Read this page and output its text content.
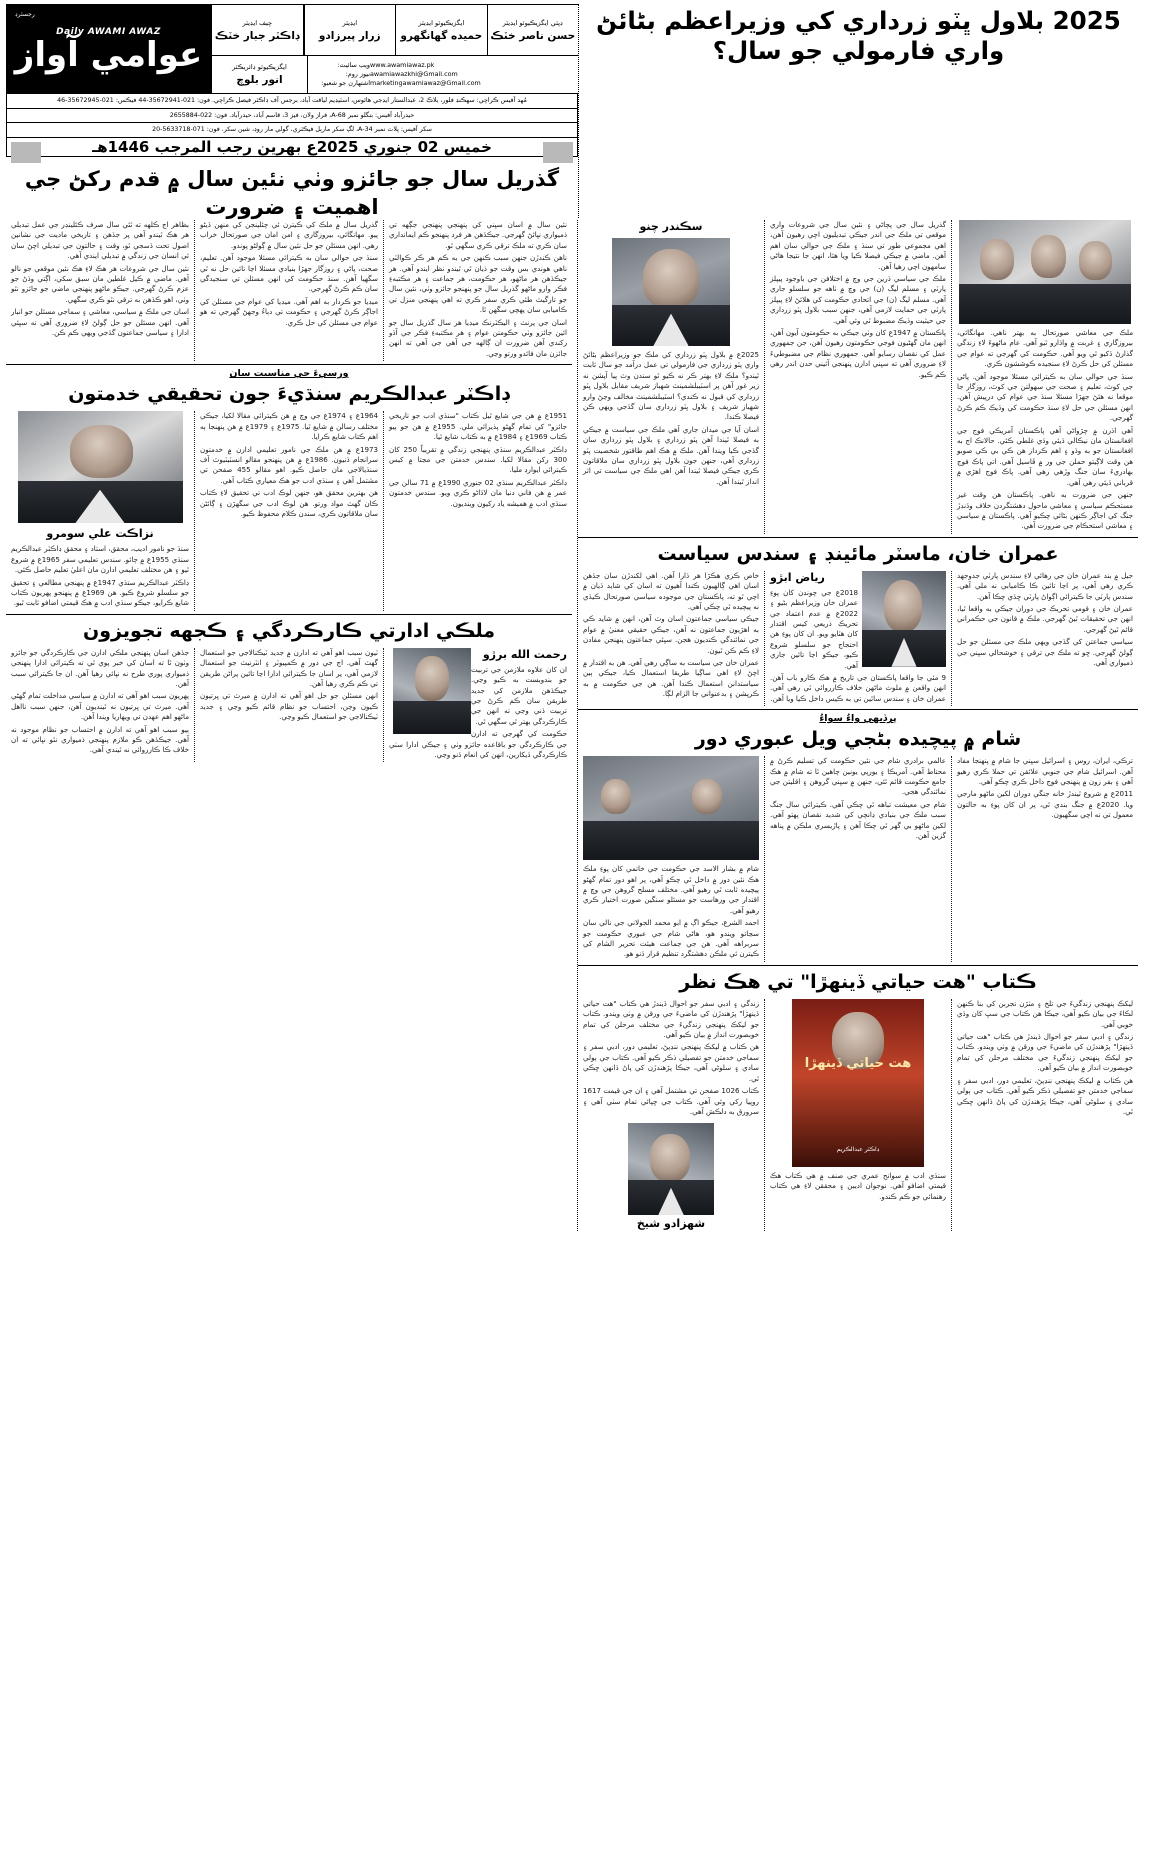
رجسٽرڊ
Daily AWAMI AWAZ
عوامي آواز
چيف ايڊيٽر
ڊاڪٽر جبار خٽڪ
ايڊيٽر
زرار پيرزادو
ايگزيڪيوٽو ايڊيٽر
حميده گهانگهرو
ڊپٽي ايگزيڪيوٽو ايڊيٽر
حسن ناصر خٽڪ
ايگزيڪيوٽو ڊائريڪٽر
انور بلوچ
ويب سائيٽ: www.awamiawaz.pk
نيوز روم: awamiawazkhi@Gmail.com
اشتهارن جو شعبو: marketingawamiawaz@Gmail.com
مُهد آفيس ڪراچي: سهڪنڊ فلور، بلاڪ 2، عبدالستار ايڊجي هائوس، اسٽيڊيم لياقت آباد، برجس آف ڊاڪٽر فيصل ڪراچي. فون: 021-35672941-44 فيڪس: 021-35672945-46
حيدرآباد آفيس: بنگلو نمبر 68-A، فراز ولان، فيز 3، قاسم آباد، حيدرآباد. فون: 022-2655884
سکر آفيس: پلاٽ نمبر 34-A، لڳ سکر مارٻل فيڪٽري، گولي مار روڊ، شين سکر. فون: 071-5633718-20
خميس 02 جنوري 2025ع بهرين رجب المرجب 1446هـ
گذريل سال جو جائزو وٺي نئين سال ۾ قدم رکڻ جي اهميت ۽ ضرورت
2025 بلاول ڀٽو زرداري کي وزيراعظم بڻائڻ واري فارمولي جو سال؟

بظاهر اڄ ڪلهه ته ٿئي سال صرف ڪئلينڊر جي عمل تبديلي هر هڪ ٿيندو آهي پر جڏهن ۽ تاريخي ماديت جي نشانين اصول تحت ڏسجي ٿو، وقت ۽ حالتون جي تبديلي اچڻ سان ئي انسان جي زندگي ۾ تبديلي ايندي آهي.

نئين سال جي شروعات هر هڪ لاءِ هڪ نئين موقعي جو نالو آهي. ماضي ۾ ڪيل غلطين مان سبق سکي، اڳتي وڌڻ جو عزم ڪرڻ گهرجي. جيڪو ماڻهو پنهنجي ماضي جو جائزو نٿو وٺي، اهو ڪڏهن به ترقي نٿو ڪري سگهي.

اسان جي ملڪ ۾ سياسي، معاشي ۽ سماجي مسئلن جو انبار آهي. انهن مسئلن جو حل ڳولڻ لاءِ ضروري آهي ته سڀئي ادارا ۽ سياسي جماعتون گڏجي ويهي ڪم ڪن.

گذريل سال ۾ ملڪ کي ڪيترن ئي چئلينجن کي منهن ڏيڻو پيو. مهانگائي، بيروزگاري ۽ امن امان جي صورتحال خراب رهي. انهن مسئلن جو حل نئين سال ۾ ڳولڻو پوندو.

سنڌ جي حوالي سان به ڪيترائي مسئلا موجود آهن. تعليم، صحت، پاڻي ۽ روزگار جهڙا بنيادي مسئلا اڃا تائين حل نه ٿي سگهيا آهن. سنڌ حڪومت کي انهن مسئلن تي سنجيدگي سان ڪم ڪرڻ گهرجي.

ميڊيا جو ڪردار به اهم آهي. ميڊيا کي عوام جي مسئلن کي اجاڳر ڪرڻ گهرجي ۽ حڪومت تي دٻاءُ وجهڻ گهرجي ته هو عوام جي مسئلن کي حل ڪري.

نئين سال ۾ اسان سڀني کي پنهنجي پنهنجي جڳهه تي ذميواري نڀائڻ گهرجي. جيڪڏهن هر فرد پنهنجو ڪم ايمانداري سان ڪري ته ملڪ ترقي ڪري سگهي ٿو.

ناهن ڪندڙن جنهن سبب ڪنهن جي به ڪم هر ڪر ڪوالٽي ناهي هوندي بس وقت جو ذيان ٿي ٿيندو نظر ايندو آهي. هر جيڪڏهن هر ماڻهو، هر حڪومت، هر جماعت ۽ هر مڪتبهءِ فڪر وارو ماڻهو گذريل سال جو پنهنجو جائزو وٺي، نئين سال جو تارگيٽ طئي ڪري سفر ڪري ته اهي پنهنجي منزل تي ڪاميابي سان پهچي سگهن ٿا.

اسان جي پرنٽ ۽ اليڪٽرنڪ ميڊيا هر سال گذريل سال جو ائين جائزو وٺي حڪومتن عوام ۽ هر مڪتبهءِ فڪر جي آڏو رکندي آهن ضرورت ان ڳالهه جي آهي جي آهي ته انهن جائزن مان فائدو ورتو وڃي.

ورسيءَ جي مناسبت سان
ڊاڪٽر عبدالڪريم سنڌيءَ جون تحقيقي خدمتون
نزاڪت علي سومرو

سنڌ جو نامور اديب، محقق، استاد ۽ محقق ڊاڪٽر عبدالڪريم سنڌي 1955ع ۾ ڄائو. سندس تعليمي سفر 1965ع ۾ شروع ٿيو ۽ هن مختلف تعليمي ادارن مان اعليٰ تعليم حاصل ڪئي.

ڊاڪٽر عبدالڪريم سنڌي 1947ع ۾ پنهنجي مطالعي ۽ تحقيق جو سلسلو شروع ڪيو. هن 1969ع ۾ پنهنجو پهريون ڪتاب شايع ڪرايو، جيڪو سنڌي ادب ۾ هڪ قيمتي اضافو ثابت ٿيو.

1964ع ۽ 1974ع جي وچ ۾ هن ڪيترائي مقالا لکيا، جيڪي مختلف رسالن ۾ شايع ٿيا. 1975ع ۽ 1979ع ۾ هن پنهنجا ٻه اهم ڪتاب شايع ڪرايا.

1973ع ۾ هن ملڪ جي نامور تعليمي ادارن ۾ خدمتون سرانجام ڏنيون. 1986ع ۾ هن پنهنجو مقالو انسٽيٽيوٽ آف سنڌيالاجي مان حاصل ڪيو. اهو مقالو 455 صفحن تي مشتمل آهي ۽ سنڌي ادب جو هڪ معياري ڪتاب آهي.

هن بهترين محقق هو، جنهن لوڪ ادب تي تحقيق لاءِ ڪتاب ڪان گهٽ مواد ورتو. هن لوڪ ادب جي سگهڙن ۽ ڳائڻن سان ملاقاتون ڪري، سندن ڪلام محفوظ ڪيو.

1951ع ۾ هن جي شايع ٿيل ڪتاب "سنڌي ادب جو تاريخي جائزو" کي تمام گهڻو پذيرائي ملي. 1955ع ۾ هن جو ٻيو ڪتاب 1969ع ۽ 1984ع ۾ به ڪتاب شايع ٿيا.

ڊاڪٽر عبدالڪريم سنڌي پنهنجي زندگي ۾ تقريباً 250 کان 300 رکن مقالا لکيا. سندس خدمتن جي مڃتا ۾ کيس ڪيترائي ايوارڊ مليا.

ڊاڪٽر عبدالڪريم سنڌي 02 جنوري 1990ع ۾ 71 سالن جي عمر ۾ هن فاني دنيا مان لاڏاڻو ڪري ويو. سندس خدمتون سنڌي ادب ۾ هميشه ياد رکيون وينديون.

ملڪي ادارتي ڪارڪردگي ۽ ڪجهه تجويزون

جڏهن اسان پنهنجي ملڪي ادارن جي ڪارڪردگي جو جائزو وٺون ٿا ته اسان کي خبر پوي ٿي ته ڪيترائي ادارا پنهنجي ذميواري پوري طرح نه نڀائي رهيا آهن. ان جا ڪيترائي سبب آهن.

پهريون سبب اهو آهي ته ادارن ۾ سياسي مداخلت تمام گهڻي آهي. ميرٽ تي ڀرتيون نه ٿينديون آهن، جنهن سبب نااهل ماڻهو اهم عهدن تي ويهاريا ويندا آهن.

ٻيو سبب اهو آهي ته ادارن ۾ احتساب جو نظام موجود نه آهي. جيڪڏهن ڪو ملازم پنهنجي ذميواري نٿو نڀائي ته ان خلاف ڪا ڪارروائي نه ٿيندي آهي.

ٽيون سبب اهو آهي ته ادارن ۾ جديد ٽيڪنالاجي جو استعمال گهٽ آهي. اڄ جي دور ۾ ڪمپيوٽر ۽ انٽرنيٽ جو استعمال لازمي آهي، پر اسان جا ڪيترائي ادارا اڃا تائين پراڻن طريقن تي ڪم ڪري رهيا آهن.

انهن مسئلن جو حل اهو آهي ته ادارن ۾ ميرٽ تي ڀرتيون ڪيون وڃن، احتساب جو نظام قائم ڪيو وڃي ۽ جديد ٽيڪنالاجي جو استعمال ڪيو وڃي.

رحمت الله برڙو

ان کان علاوه ملازمن جي تربيت جو بندوبست به ڪيو وڃي. جيڪڏهن ملازمن کي جديد طريقن سان ڪم ڪرڻ جي تربيت ڏني وڃي ته انهن جي ڪارڪردگي بهتر ٿي سگهي ٿي.

حڪومت کي گهرجي ته ادارن جي ڪارڪردگي جو باقاعده جائزو وٺي ۽ جيڪي ادارا سٺي ڪارڪردگي ڏيکارين، انهن کي انعام ڏنو وڃي.

سڪندر چنو

2025ع ۾ بلاول ڀٽو زرداري کي ملڪ جو وزيراعظم بڻائڻ واري پٽو زرداري جي فارمولي تي عمل درآمد جو سال ثابت ٿيندو؟ ملڪ لاءِ بهتر ڪر نه ڪيو ٿو سندن وٽ پيا آپشن نه زير غور آهن پر اسٽيبلشمينٽ شهباز شريف مقابل بلاول ڀٽو زرداري کي قبول نه ڪندي؟ اسٽيبلشمينٽ مخالف وڃڻ وارو شهباز شريف ۽ بلاول ڀٽو زرداري سان گڏجي ويهي ڪن فيصلا ڪندا.

اسان آيا جي ميدان جاري آهي ملڪ جي سياست ۾ جيڪي به فيصلا ٿيندا آهن پٽو زرداري ۽ بلاول ڀٽو زرداري سان گڏجي ڪيا ويندا آهن. ملڪ ۾ هڪ اهم طاقتور شخصيت پٽو زرداري آهي، جنهن جون بلاول ڀٽو زرداري سان ملاقاتون ڪري جيڪي فيصلا ٿيندا آهن اهي ملڪ جي سياست تي اثر انداز ٿيندا آهن.

گذريل سال جي پڄاڻي ۽ نئين سال جي شروعات واري موقعي تي ملڪ جي اندر جيڪي تبديليون اچي رهيون آهن، اهي مجموعي طور تي سنڌ ۽ ملڪ جي حوالي سان اهم آهن. ماضي ۾ جيڪي فيصلا ڪيا ويا هئا، انهن جا نتيجا هاڻي سامهون اچي رهيا آهن.

ملڪ جي سياسي ڌرين جي وچ ۾ اختلافن جي باوجود پيپلز پارٽي ۽ مسلم ليگ (ن) جي وچ ۾ ٺاهه جو سلسلو جاري آهي. مسلم ليگ (ن) جي اتحادي حڪومت کي هلائڻ لاءِ پيپلز پارٽي جي حمايت لازمي آهي، جنهن سبب بلاول ڀٽو زرداري جي حيثيت وڌيڪ مضبوط ٿي وئي آهي.

پاڪستان ۾ 1947ع کان وٺي جيڪي به حڪومتون آيون آهن، انهن مان گهڻيون فوجي حڪومتون رهيون آهن، جن جمهوري عمل کي نقصان رسايو آهي. جمهوري نظام جي مضبوطيءَ لاءِ ضروري آهي ته سڀني ادارن پنهنجي آئيني حدن اندر رهي ڪم ڪيو.

ملڪ جي معاشي صورتحال به بهتر ناهي. مهانگائي، بيروزگاري ۽ غربت ۾ واڌارو ٿيو آهي. عام ماڻهوءَ لاءِ زندگي گذارڻ ڏکيو ٿي ويو آهي. حڪومت کي گهرجي ته عوام جي مسئلن کي حل ڪرڻ لاءِ سنجيده ڪوششون ڪري.

سنڌ جي حوالي سان به ڪيترائي مسئلا موجود آهن. پاڻي جي کوٽ، تعليم ۽ صحت جي سهولتن جي کوٽ، روزگار جا موقعا نه هئڻ جهڙا مسئلا سنڌ جي عوام کي درپيش آهن. انهن مسئلن جي حل لاءِ سنڌ حڪومت کي وڌيڪ ڪم ڪرڻ گهرجي.

آهي اڌرن ۾ چڙواڻي آهي پاڪستان آمريڪي فوج جي افغانستان مان نيڪالي ڏيئي وڏي غلطي ڪئي. حالانڪ اڄ به افغانستان جو به وڏو ۽ اهم ڪردار هن ڪي بي ڪي صوبو هن وقت لاڳيتو حملن جي ور ۾ ڦاسيل آهي. اتي پاڪ فوج بهادريءَ سان جنگ وڙهي رهي آهي. پاڪ فوج اهڙي ۾ قرباني ڏيئي رهي آهي.

جنهن جي ضرورت به ناهي. پاڪستان هن وقت غير مستحڪم سياسي ۽ معاشي ماحول دهشتگردن خلاف وڏنڊڙ جنگ کي اجاڳر ڪنهن بڻائي چڪيو آهي. پاڪستان ۾ سياسي ۽ معاشي استحڪام جي ضرورت آهي.

عمران خان، ماسٽر مائينڊ ۽ سندس سياست

خاص ڪري هڪڙا هر ڌارا آهن. اهي لکندڙن سان جڏهن اسان اهي ڳالهيون ڪندا آهيون ته اسان کي شايد ڌيان ۾ اچي ٿو ته، پاڪستان جي موجوده سياسي صورتحال ڪيڏي نه پيچيده ٿي چڪي آهي.

جيڪي سياسي جماعتون اسان وٽ آهن، انهن ۾ شايد ڪي به اهڙيون جماعتون نه آهن، جيڪي حقيقي معنيٰ ۾ عوام جي نمائندگي ڪنديون هجن. سڀئي جماعتون پنهنجن مفادن لاءِ ڪم ڪن ٿيون.

عمران خان جي سياست به ساڳي رهي آهي. هن به اقتدار ۾ اچڻ لاءِ اهي ساڳيا طريقا استعمال ڪيا، جيڪي ٻين سياستدانن استعمال ڪندا آهن. هن جي حڪومت ۾ به ڪرپشن ۽ بدعنواني جا الزام لڳا.

رياض ابڙو

2018ع جي چونڊن کان پوءِ عمران خان وزيراعظم بڻيو ۽ 2022ع ۾ عدم اعتماد جي تحريڪ ذريعي کيس اقتدار کان هٽايو ويو. ان کان پوءِ هن احتجاج جو سلسلو شروع ڪيو، جيڪو اڃا تائين جاري آهي.

9 مئي جا واقعا پاڪستان جي تاريخ ۾ هڪ ڪارو باب آهن. انهن واقعن ۾ ملوث ماڻهن خلاف ڪارروائي ٿي رهي آهي. عمران خان ۽ سندس ساٿين تي به ڪيس داخل ڪيا ويا آهن.

جيل ۾ بند عمران خان جي رهائي لاءِ سندس پارٽي جدوجهد ڪري رهي آهي، پر اڃا تائين ڪا ڪاميابي نه ملي آهي. سندس پارٽي جا ڪيترائي اڳواڻ پارٽي ڇڏي چڪا آهن.

عمران خان ۽ قومي تحريڪ جي دوران جيڪي به واقعا ٿيا، انهن جي تحقيقات ٿيڻ گهرجي. ملڪ ۾ قانون جي حڪمراني قائم ٿيڻ گهرجي.

سياسي جماعتن کي گڏجي ويهي ملڪ جي مسئلن جو حل ڳولڻ گهرجي. ڇو ته ملڪ جي ترقي ۽ خوشحالي سڀني جي ذميواري آهي.

پرڏيهي واءُ سواءُ
شام ۾ پيچيده بڻجي ويل عبوري دور

شام ۾ بشار الاسد جي حڪومت جي خاتمي کان پوءِ ملڪ هڪ نئين دور ۾ داخل ٿي چڪو آهي، پر اهو دور تمام گهڻو پيچيده ثابت ٿي رهيو آهي. مختلف مسلح گروهن جي وچ ۾ اقتدار جي ورهاست جو مسئلو سنگين صورت اختيار ڪري رهيو آهي.

احمد الشرع، جيڪو اڳ ۾ ابو محمد الجولاني جي نالي سان سڃاتو ويندو هو، هاڻي شام جي عبوري حڪومت جو سربراهه آهي. هن جي جماعت هيئت تحرير الشام کي ڪيترن ئي ملڪن دهشتگرد تنظيم قرار ڏنو هو.

عالمي برادري شام جي نئين حڪومت کي تسليم ڪرڻ ۾ محتاط آهي. آمريڪا ۽ يورپي يونين چاهين ٿا ته شام ۾ هڪ جامع حڪومت قائم ٿئي، جنهن ۾ سڀني گروهن ۽ اقليتن جي نمائندگي هجي.

شام جي معيشت تباهه ٿي چڪي آهي. ڪيترائي سال جنگ سبب ملڪ جي بنيادي ڍانچي کي شديد نقصان پهتو آهي. لکين ماڻهو بي گهر ٿي چڪا آهن ۽ پاڙيسري ملڪن ۾ پناهه گزين آهن.

ترڪي، ايران، روس ۽ اسرائيل سڀني جا شام ۾ پنهنجا مفاد آهن. اسرائيل شام جي جنوبي علائقن تي حملا ڪري رهيو آهي ۽ بفر زون ۾ پنهنجي فوج داخل ڪري چڪو آهي.

2011ع ۾ شروع ٿيندڙ خانه جنگي دوران لکين ماڻهو مارجي ويا. 2020ع ۾ جنگ بندي ٿي، پر ان کان پوءِ به حالتون معمول تي نه اچي سگهيون.

ڪتاب "هت حياتي ڏينهڙا" تي هڪ نظر

زندگي ۽ ادبي سفر جو احوال ڏيندڙ هي ڪتاب "هت حياتي ڏينهڙا" پڙهندڙن کي ماضيءَ جي ورقن ۾ وٺي ويندو. ڪتاب جو ليکڪ پنهنجي زندگيءَ جي مختلف مرحلن کي تمام خوبصورت انداز ۾ بيان ڪيو آهي.

هن ڪتاب ۾ ليکڪ پنهنجي ننڍپڻ، تعليمي دور، ادبي سفر ۽ سماجي خدمتن جو تفصيلي ذڪر ڪيو آهي. ڪتاب جي ٻولي سادي ۽ سلوڻي آهي، جيڪا پڙهندڙن کي پاڻ ڏانهن ڇڪي ٿي.

ڪتاب 1026 صفحن تي مشتمل آهي ۽ ان جي قيمت 1617 روپيا رکي وئي آهي. ڪتاب جي ڇپائي تمام سٺي آهي ۽ سرورق به دلڪش آهي.

شهزادو شيخ
هت حياتي ڏينهڙا
ڊاڪٽر عبدالڪريم

سنڌي ادب ۾ سوانح عمري جي صنف ۾ هي ڪتاب هڪ قيمتي اضافو آهي. نوجوان اديبن ۽ محققن لاءِ هي ڪتاب رهنمائي جو ڪم ڪندو.

ليکڪ پنهنجي زندگيءَ جي تلخ ۽ مٺڙن تجربن کي بنا ڪنهن لڪاءَ جي بيان ڪيو آهي، جيڪا هن ڪتاب جي سڀ کان وڏي خوبي آهي.

زندگي ۽ ادبي سفر جو احوال ڏيندڙ هي ڪتاب "هت حياتي ڏينهڙا" پڙهندڙن کي ماضيءَ جي ورقن ۾ وٺي ويندو. ڪتاب جو ليکڪ پنهنجي زندگيءَ جي مختلف مرحلن کي تمام خوبصورت انداز ۾ بيان ڪيو آهي.

هن ڪتاب ۾ ليکڪ پنهنجي ننڍپڻ، تعليمي دور، ادبي سفر ۽ سماجي خدمتن جو تفصيلي ذڪر ڪيو آهي. ڪتاب جي ٻولي سادي ۽ سلوڻي آهي، جيڪا پڙهندڙن کي پاڻ ڏانهن ڇڪي ٿي.
